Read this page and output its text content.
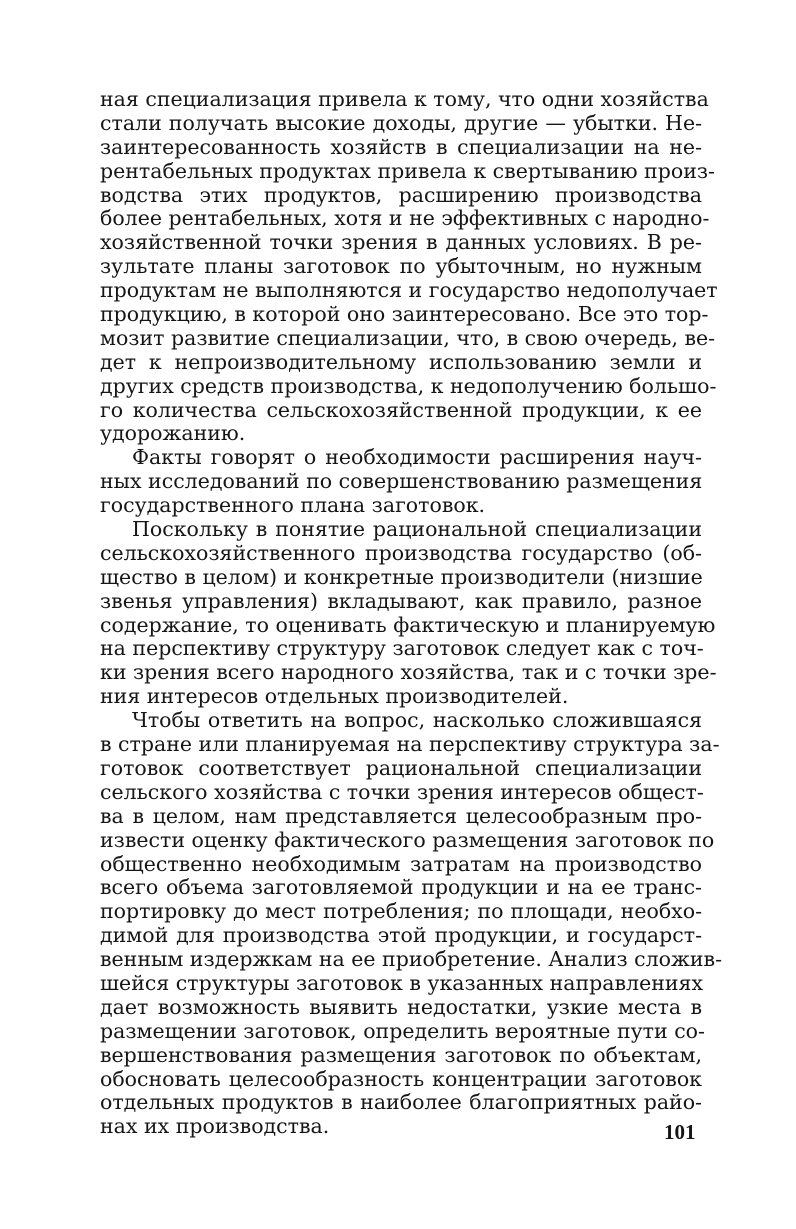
ная специализация привела к тому, что одни хозяйства
стали получать высокие доходы, другие — убытки. Не-
заинтересованность хозяйств в специализации на не-
рентабельных продуктах привела к свертыванию произ-
водства этих продуктов, расширению производства
более рентабельных, хотя и не эффективных с народно-
хозяйственной точки зрения в данных условиях. В ре-
зультате планы заготовок по убыточным, но нужным
продуктам не выполняются и государство недополучает
продукцию, в которой оно заинтересовано. Все это тор-
мозит развитие специализации, что, в свою очередь, ве-
дет к непроизводительному использованию земли и
других средств производства, к недополучению большо-
го количества сельскохозяйственной продукции, к ее
удорожанию.
Факты говорят о необходимости расширения науч-
ных исследований по совершенствованию размещения
государственного плана заготовок.
Поскольку в понятие рациональной специализации
сельскохозяйственного производства государство (об-
щество в целом) и конкретные производители (низшие
звенья управления) вкладывают, как правило, разное
содержание, то оценивать фактическую и планируемую
на перспективу структуру заготовок следует как с точ-
ки зрения всего народного хозяйства, так и с точки зре-
ния интересов отдельных производителей.
Чтобы ответить на вопрос, насколько сложившаяся
в стране или планируемая на перспективу структура за-
готовок соответствует рациональной специализации
сельского хозяйства с точки зрения интересов общест-
ва в целом, нам представляется целесообразным про-
извести оценку фактического размещения заготовок по
общественно необходимым затратам на производство
всего объема заготовляемой продукции и на ее транс-
портировку до мест потребления; по площади, необхо-
димой для производства этой продукции, и государст-
венным издержкам на ее приобретение. Анализ сложив-
шейся структуры заготовок в указанных направлениях
дает возможность выявить недостатки, узкие места в
размещении заготовок, определить вероятные пути со-
вершенствования размещения заготовок по объектам,
обосновать целесообразность концентрации заготовок
отдельных продуктов в наиболее благоприятных райо-
нах их производства.	101
